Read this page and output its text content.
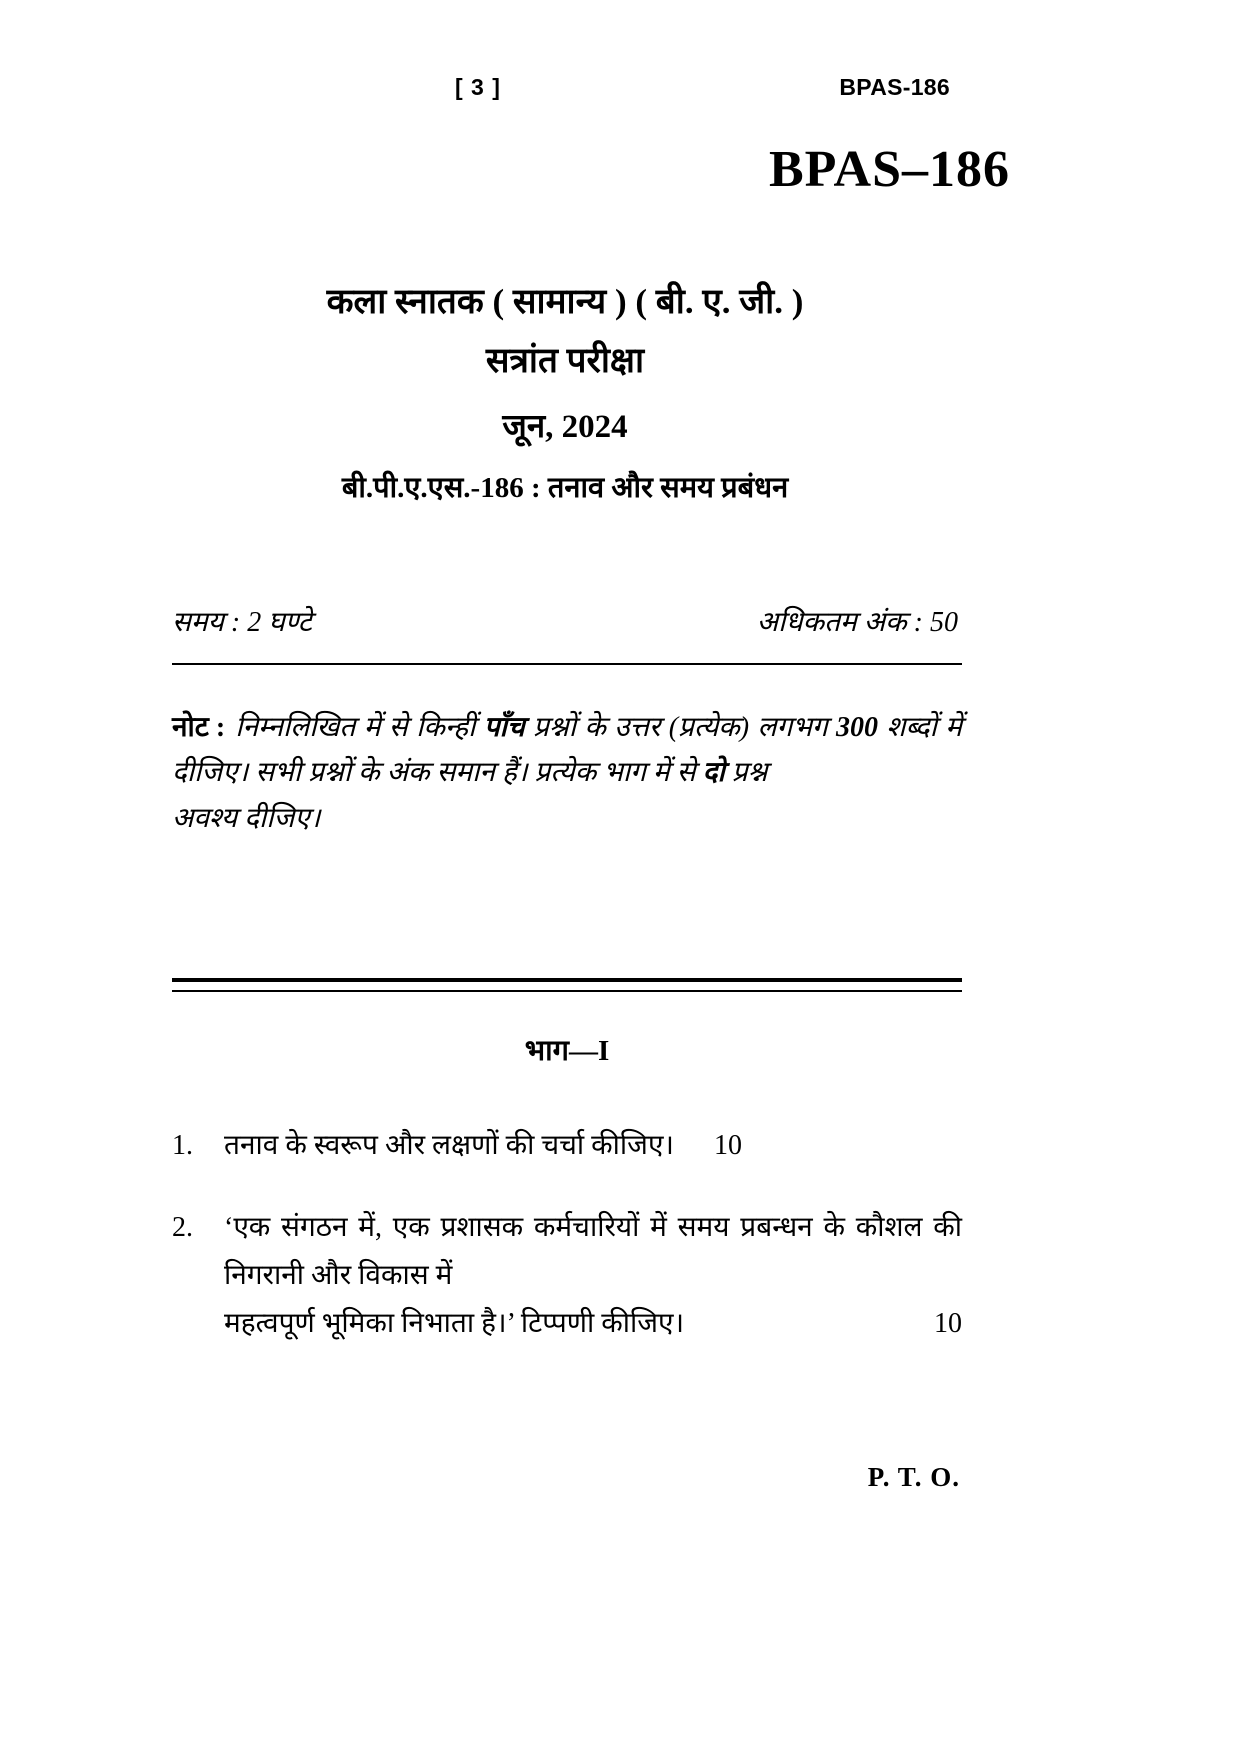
[ 3 ]	BPAS-186
BPAS–186
कला स्नातक ( सामान्य ) ( बी. ए. जी. )
सत्रांत परीक्षा
जून, 2024
बी.पी.ए.एस.-186 : तनाव और समय प्रबंधन
समय : 2 घण्टे	अधिकतम अंक : 50
नोट : निम्नलिखित में से किन्हीं पाँच प्रश्नों के उत्तर (प्रत्येक) लगभग 300 शब्दों में दीजिए। सभी प्रश्नों के अंक समान हैं। प्रत्येक भाग में से दो प्रश्न
अवश्य दीजिए।
भाग—I
1.	तनाव के स्वरूप और लक्षणों की चर्चा कीजिए। 10
2.	‘एक संगठन में, एक प्रशासक कर्मचारियों में समय प्रबन्धन के कौशल की निगरानी और विकास में
महत्वपूर्ण भूमिका निभाता है।’ टिप्पणी कीजिए।	10
P. T. O.
